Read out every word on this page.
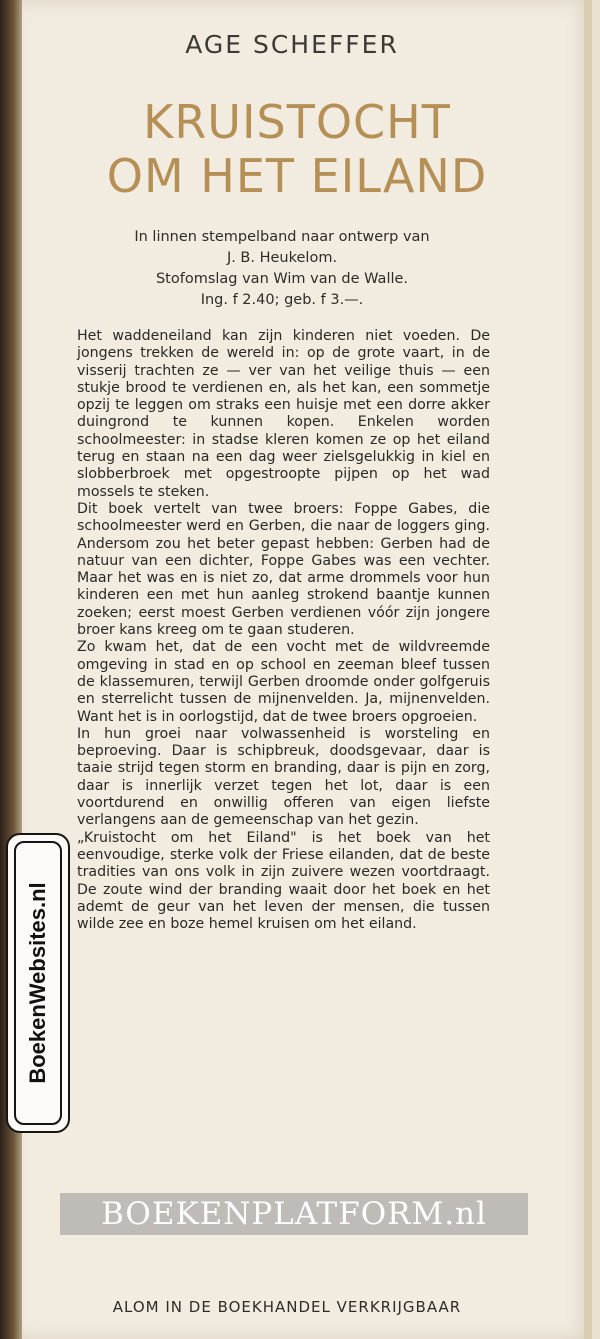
AGE SCHEFFER
KRUISTOCHT
OM HET EILAND
In linnen stempelband naar ontwerp van
J. B. Heukelom.
Stofomslag van Wim van de Walle.
Ing. f 2.40; geb. f 3.—.

Het waddeneiland kan zijn kinderen niet voeden. De jongens trekken de wereld in: op de grote vaart, in de visserij trachten ze — ver van het veilige thuis — een stukje brood te verdienen en, als het kan, een sommetje opzij te leggen om straks een huisje met een dorre akker duingrond te kunnen kopen. Enkelen worden schoolmeester: in stadse kleren komen ze op het eiland terug en staan na een dag weer zielsgelukkig in kiel en slobberbroek met opgestroopte pijpen op het wad mossels te steken.

Dit boek vertelt van twee broers: Foppe Gabes, die schoolmeester werd en Gerben, die naar de loggers ging. Andersom zou het beter gepast hebben: Gerben had de natuur van een dichter, Foppe Gabes was een vechter. Maar het was en is niet zo, dat arme drommels voor hun kinderen een met hun aanleg strokend baantje kunnen zoeken; eerst moest Gerben verdienen vóór zijn jongere broer kans kreeg om te gaan studeren.

Zo kwam het, dat de een vocht met de wildvreemde omgeving in stad en op school en zeeman bleef tussen de klassemuren, terwijl Gerben droomde onder golfgeruis en sterrelicht tussen de mijnenvelden. Ja, mijnenvelden. Want het is in oorlogstijd, dat de twee broers opgroeien.

In hun groei naar volwassenheid is worsteling en beproeving. Daar is schipbreuk, doodsgevaar, daar is taaie strijd tegen storm en branding, daar is pijn en zorg, daar is innerlijk verzet tegen het lot, daar is een voortdurend en onwillig offeren van eigen liefste verlangens aan de gemeenschap van het gezin.

„Kruistocht om het Eiland" is het boek van het eenvoudige, sterke volk der Friese eilanden, dat de beste tradities van ons volk in zijn zuivere wezen voortdraagt. De zoute wind der branding waait door het boek en het ademt de geur van het leven der mensen, die tussen wilde zee en boze hemel kruisen om het eiland.

ALOM IN DE BOEKHANDEL VERKRIJGBAAR
BoekenWebsites.nl
BOEKENPLATFORM.nl
